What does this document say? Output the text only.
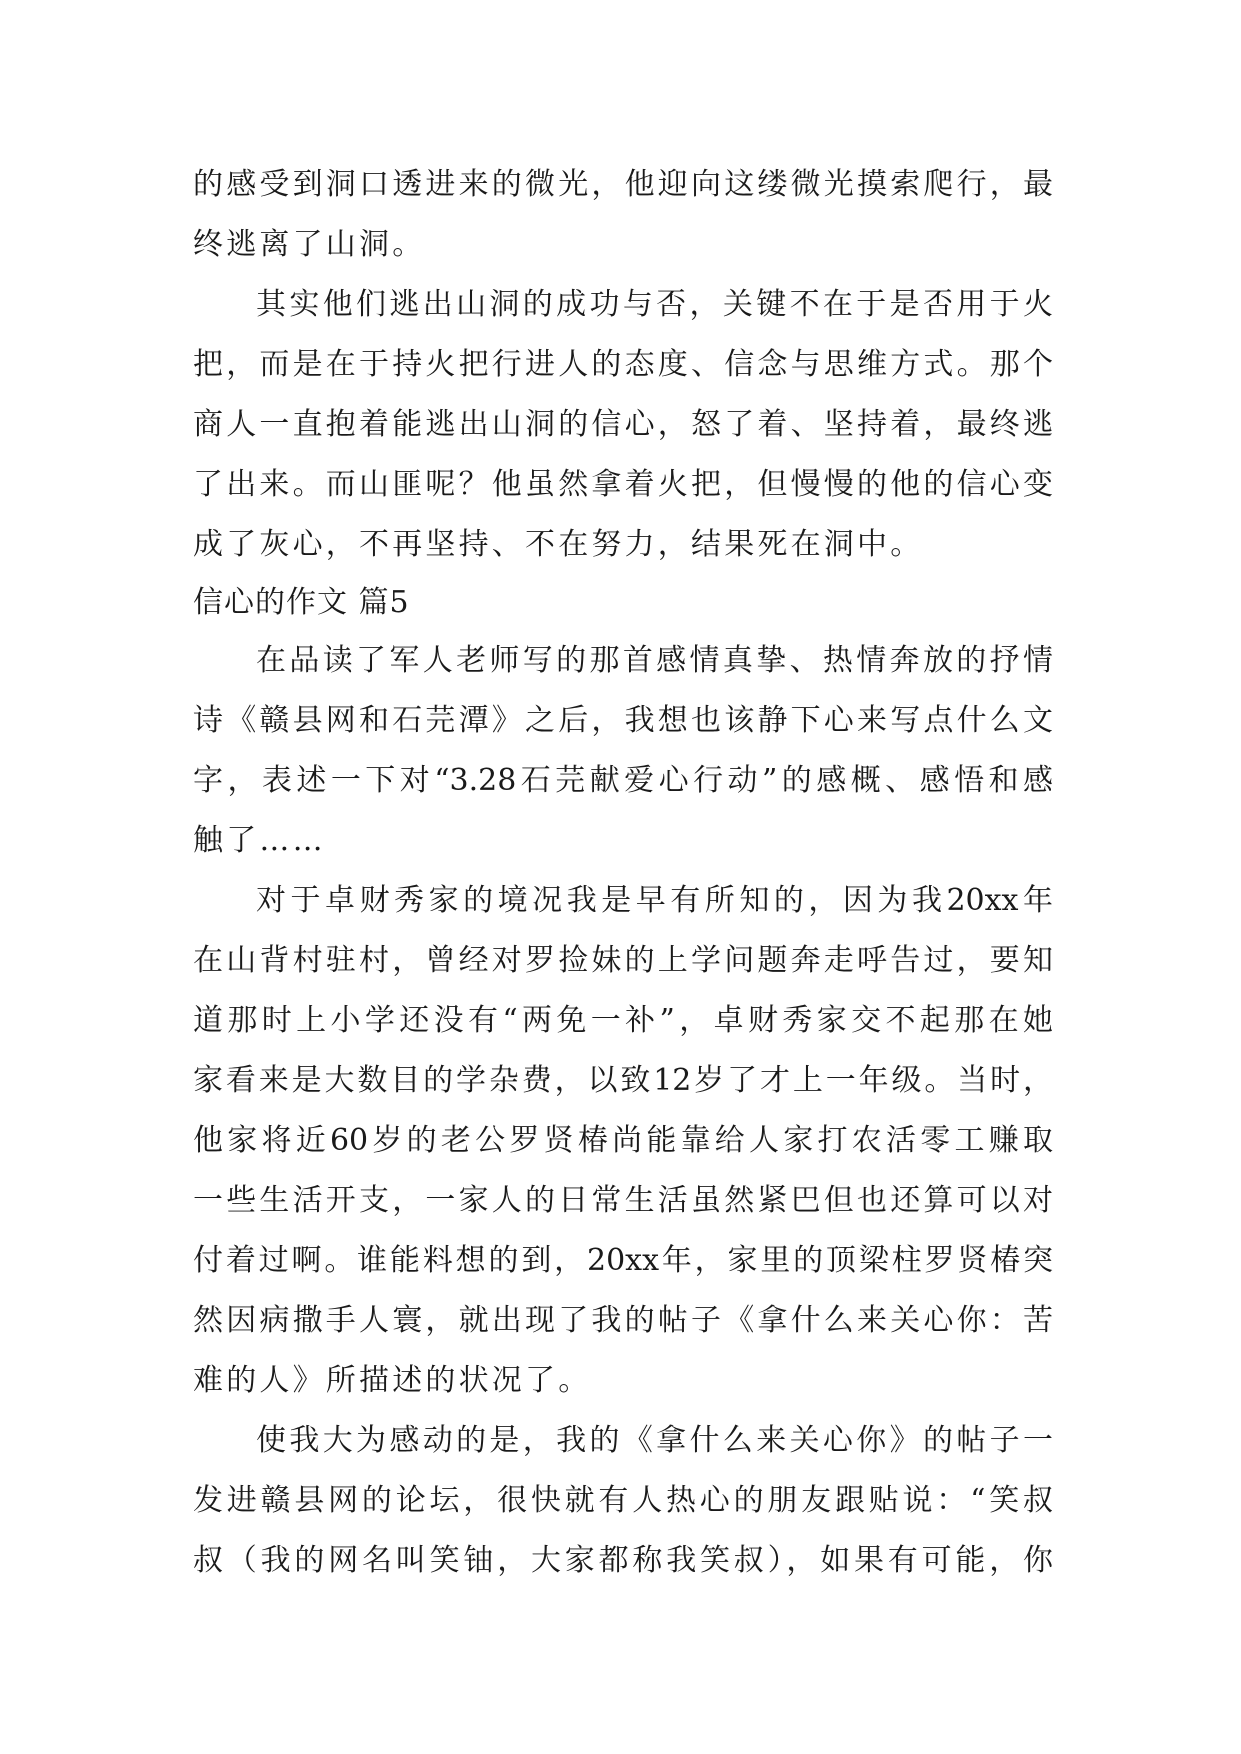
的感受到洞口透进来的微光，他迎向这缕微光摸索爬行，最
终逃离了山洞。
其实他们逃出山洞的成功与否，关键不在于是否用于火
把，而是在于持火把行进人的态度、信念与思维方式。那个
商人一直抱着能逃出山洞的信心，怒了着、坚持着，最终逃
了出来。而山匪呢？他虽然拿着火把，但慢慢的他的信心变
成了灰心，不再坚持、不在努力，结果死在洞中。
信心的作文 篇5
在品读了军人老师写的那首感情真挚、热情奔放的抒情
诗《赣县网和石芫潭》之后，我想也该静下心来写点什么文
字，表述一下对“3.28石芫献爱心行动”的感概、感悟和感
触了……
对于卓财秀家的境况我是早有所知的，因为我20xx年
在山背村驻村，曾经对罗捡妹的上学问题奔走呼告过，要知
道那时上小学还没有“两免一补”，卓财秀家交不起那在她
家看来是大数目的学杂费，以致12岁了才上一年级。当时，
他家将近60岁的老公罗贤椿尚能靠给人家打农活零工赚取
一些生活开支，一家人的日常生活虽然紧巴但也还算可以对
付着过啊。谁能料想的到，20xx年，家里的顶梁柱罗贤椿突
然因病撒手人寰，就出现了我的帖子《拿什么来关心你：苦
难的人》所描述的状况了。
使我大为感动的是，我的《拿什么来关心你》的帖子一
发进赣县网的论坛，很快就有人热心的朋友跟贴说：“笑叔
叔（我的网名叫笑铀，大家都称我笑叔），如果有可能，你
